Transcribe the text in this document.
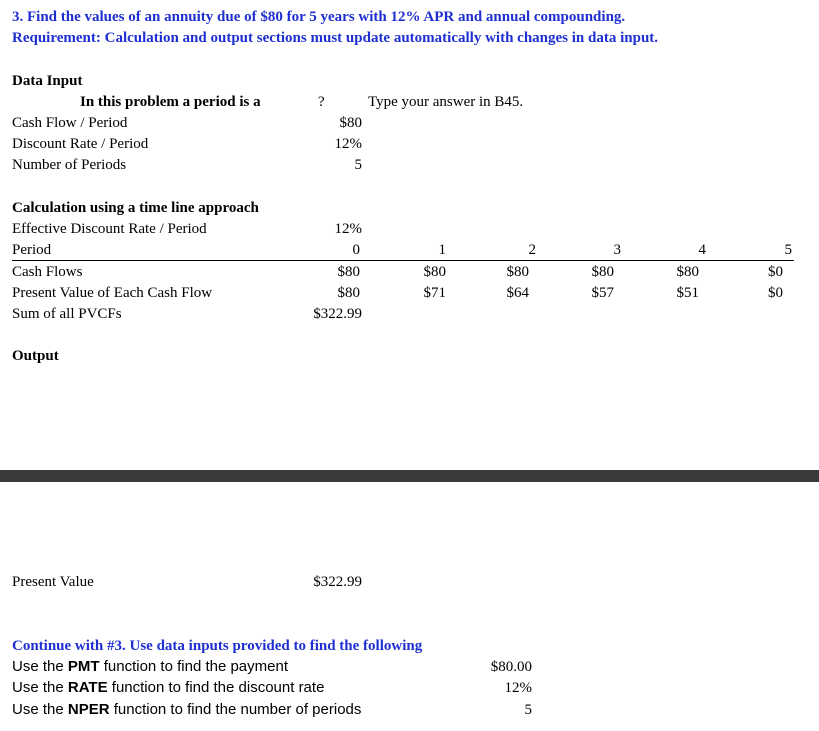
3. Find the values of an annuity due of $80 for 5 years with 12% APR and annual compounding.
Requirement: Calculation and output sections must update automatically with changes in data input.
Data Input
In this problem a period is a	?	Type your answer in B45.
Cash Flow / Period	$80
Discount Rate / Period	12%
Number of Periods	5
Calculation using a time line approach
Effective Discount Rate / Period	12%
Period	0	1	2	3	4	5
Cash Flows	$80	$80	$80	$80	$80	$0
Present Value of Each Cash Flow	$80	$71	$64	$57	$51	$0
Sum of all PVCFs	$322.99
Output
Present Value	$322.99
Continue with #3. Use data inputs provided to find the following
Use the PMT function to find the payment	$80.00
Use the RATE function to find the discount rate	12%
Use the NPER function to find the number of periods	5
